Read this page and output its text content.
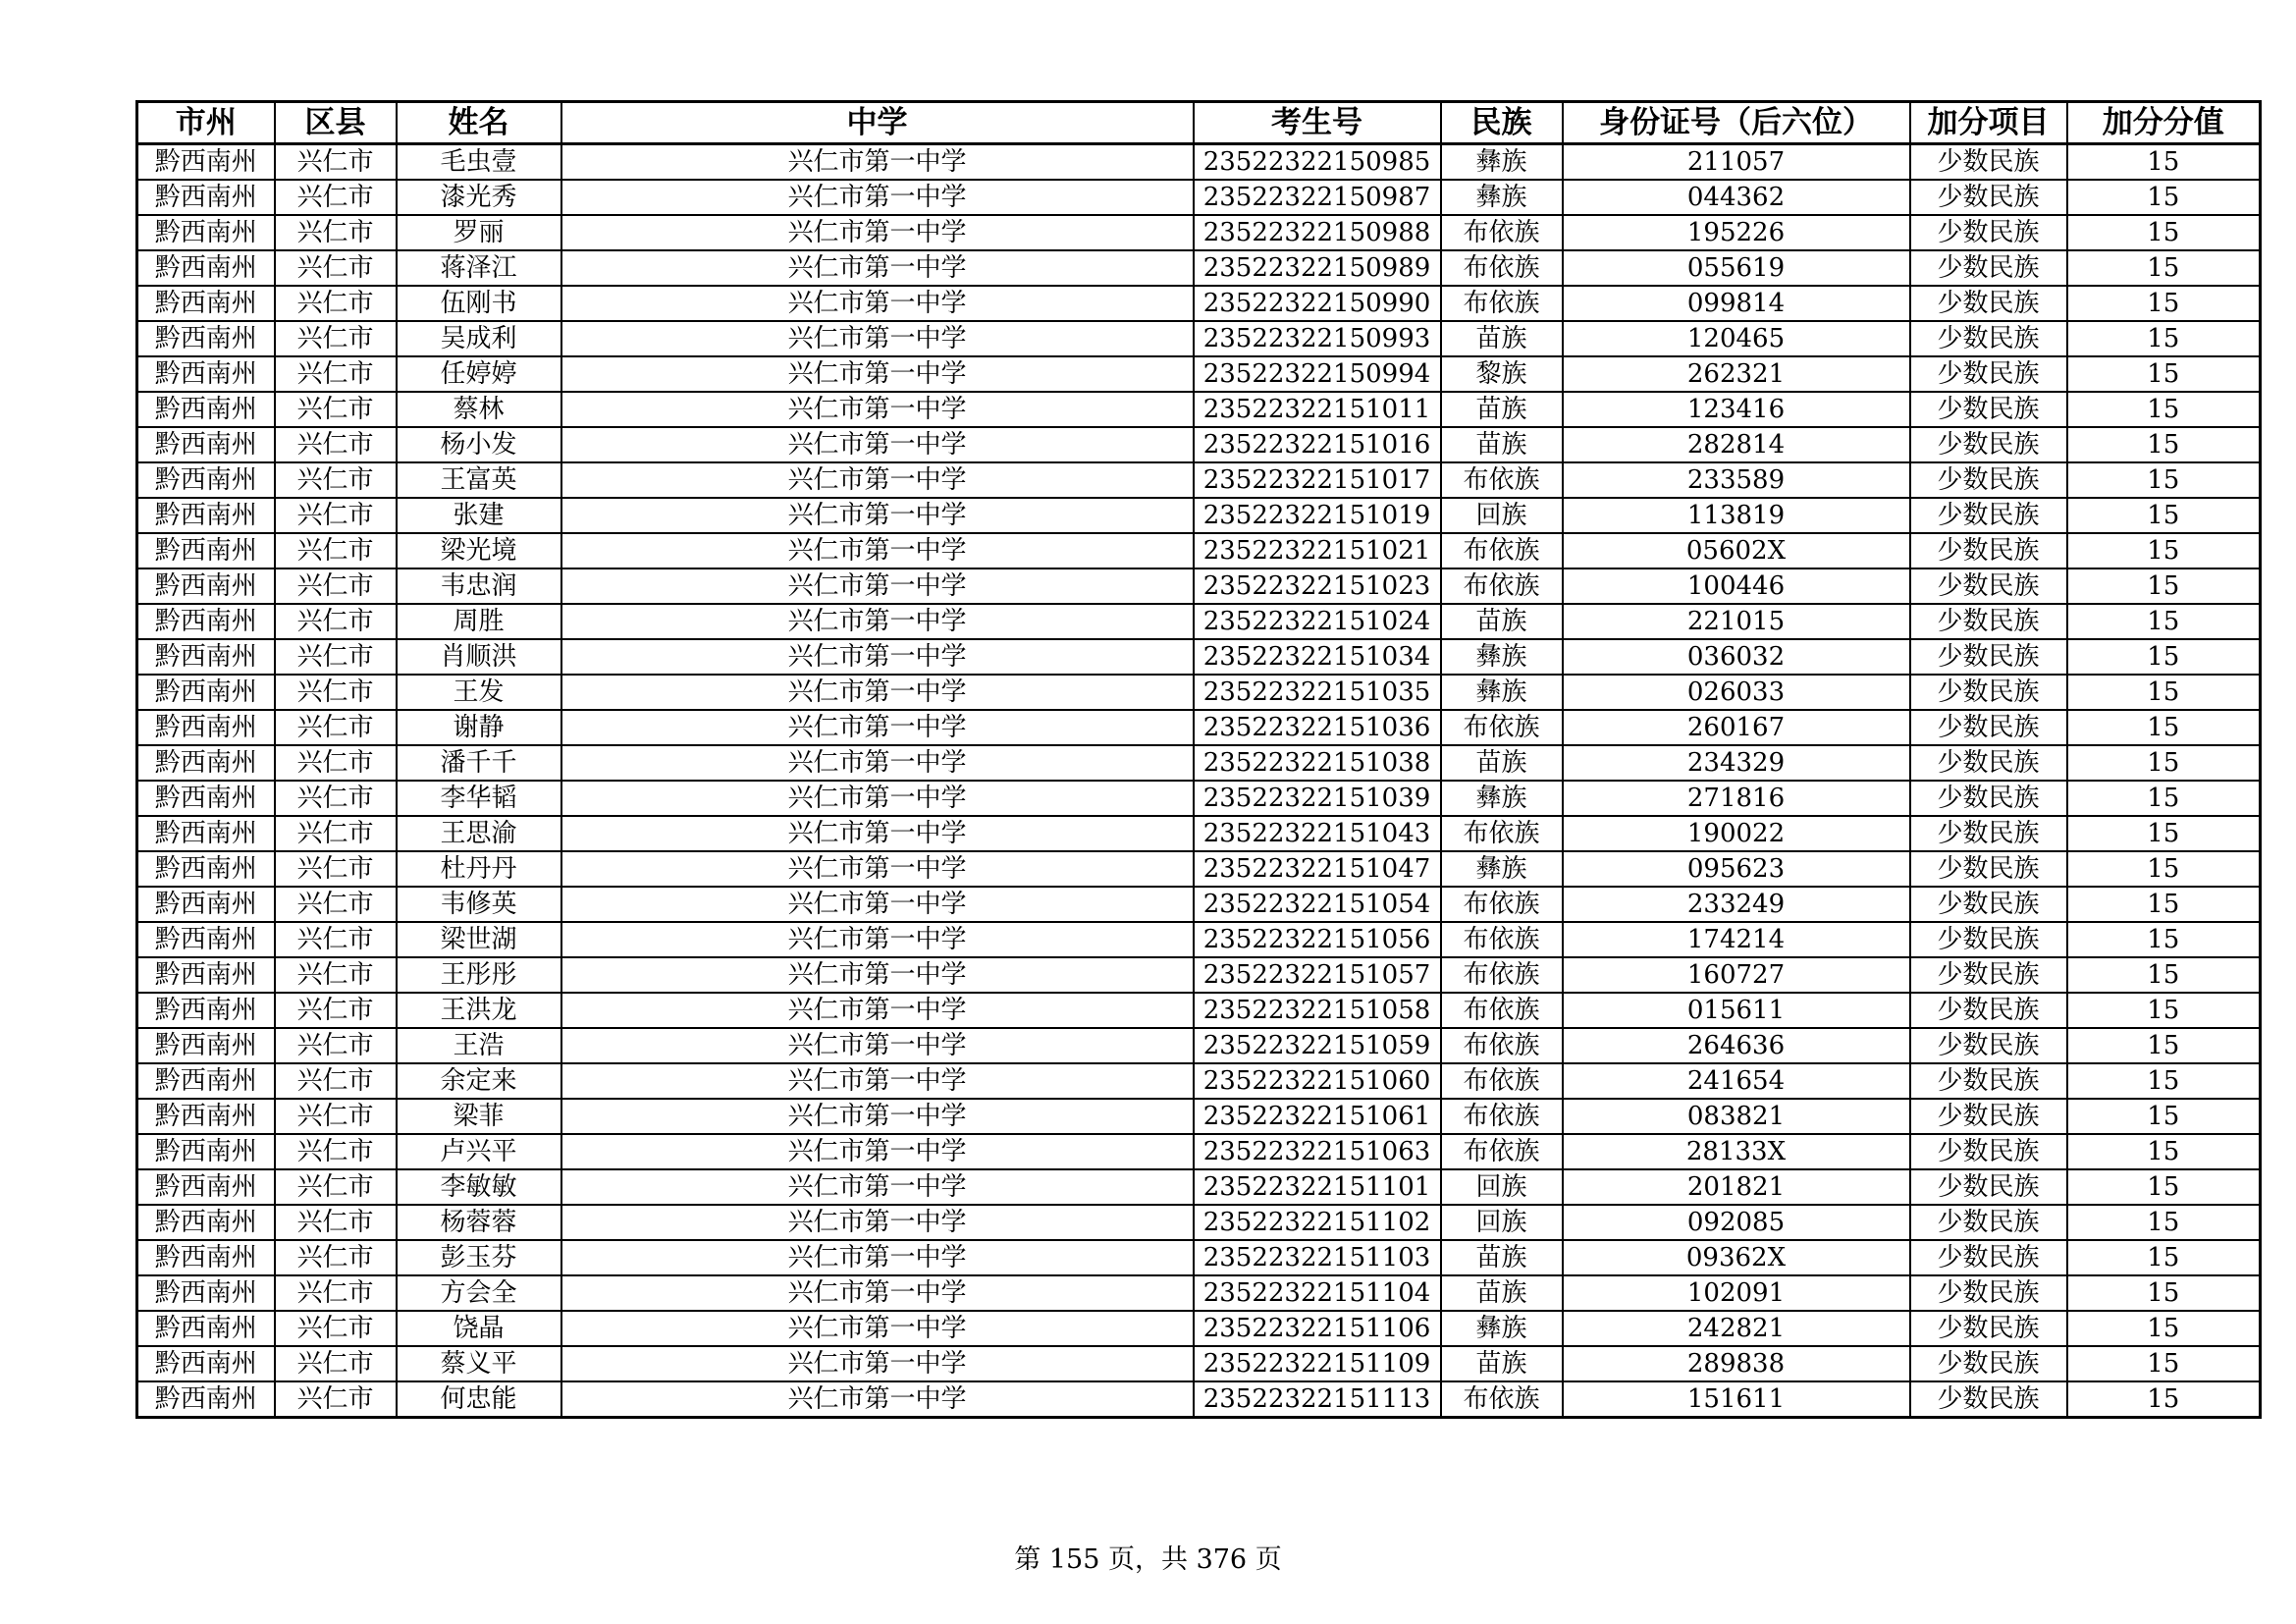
市州	区县	姓名	中学	考生号	民族	身份证号（后六位）	加分项目	加分分值
黔西南州	兴仁市	毛虫壹	兴仁市第一中学	23522322150985	彝族	211057	少数民族	15
黔西南州	兴仁市	漆光秀	兴仁市第一中学	23522322150987	彝族	044362	少数民族	15
黔西南州	兴仁市	罗丽	兴仁市第一中学	23522322150988	布依族	195226	少数民族	15
黔西南州	兴仁市	蒋泽江	兴仁市第一中学	23522322150989	布依族	055619	少数民族	15
黔西南州	兴仁市	伍刚书	兴仁市第一中学	23522322150990	布依族	099814	少数民族	15
黔西南州	兴仁市	吴成利	兴仁市第一中学	23522322150993	苗族	120465	少数民族	15
黔西南州	兴仁市	任婷婷	兴仁市第一中学	23522322150994	黎族	262321	少数民族	15
黔西南州	兴仁市	蔡林	兴仁市第一中学	23522322151011	苗族	123416	少数民族	15
黔西南州	兴仁市	杨小发	兴仁市第一中学	23522322151016	苗族	282814	少数民族	15
黔西南州	兴仁市	王富英	兴仁市第一中学	23522322151017	布依族	233589	少数民族	15
黔西南州	兴仁市	张建	兴仁市第一中学	23522322151019	回族	113819	少数民族	15
黔西南州	兴仁市	梁光境	兴仁市第一中学	23522322151021	布依族	05602X	少数民族	15
黔西南州	兴仁市	韦忠润	兴仁市第一中学	23522322151023	布依族	100446	少数民族	15
黔西南州	兴仁市	周胜	兴仁市第一中学	23522322151024	苗族	221015	少数民族	15
黔西南州	兴仁市	肖顺洪	兴仁市第一中学	23522322151034	彝族	036032	少数民族	15
黔西南州	兴仁市	王发	兴仁市第一中学	23522322151035	彝族	026033	少数民族	15
黔西南州	兴仁市	谢静	兴仁市第一中学	23522322151036	布依族	260167	少数民族	15
黔西南州	兴仁市	潘千千	兴仁市第一中学	23522322151038	苗族	234329	少数民族	15
黔西南州	兴仁市	李华韬	兴仁市第一中学	23522322151039	彝族	271816	少数民族	15
黔西南州	兴仁市	王思渝	兴仁市第一中学	23522322151043	布依族	190022	少数民族	15
黔西南州	兴仁市	杜丹丹	兴仁市第一中学	23522322151047	彝族	095623	少数民族	15
黔西南州	兴仁市	韦修英	兴仁市第一中学	23522322151054	布依族	233249	少数民族	15
黔西南州	兴仁市	梁世湖	兴仁市第一中学	23522322151056	布依族	174214	少数民族	15
黔西南州	兴仁市	王彤彤	兴仁市第一中学	23522322151057	布依族	160727	少数民族	15
黔西南州	兴仁市	王洪龙	兴仁市第一中学	23522322151058	布依族	015611	少数民族	15
黔西南州	兴仁市	王浩	兴仁市第一中学	23522322151059	布依族	264636	少数民族	15
黔西南州	兴仁市	余定来	兴仁市第一中学	23522322151060	布依族	241654	少数民族	15
黔西南州	兴仁市	梁菲	兴仁市第一中学	23522322151061	布依族	083821	少数民族	15
黔西南州	兴仁市	卢兴平	兴仁市第一中学	23522322151063	布依族	28133X	少数民族	15
黔西南州	兴仁市	李敏敏	兴仁市第一中学	23522322151101	回族	201821	少数民族	15
黔西南州	兴仁市	杨蓉蓉	兴仁市第一中学	23522322151102	回族	092085	少数民族	15
黔西南州	兴仁市	彭玉芬	兴仁市第一中学	23522322151103	苗族	09362X	少数民族	15
黔西南州	兴仁市	方会全	兴仁市第一中学	23522322151104	苗族	102091	少数民族	15
黔西南州	兴仁市	饶晶	兴仁市第一中学	23522322151106	彝族	242821	少数民族	15
黔西南州	兴仁市	蔡义平	兴仁市第一中学	23522322151109	苗族	289838	少数民族	15
黔西南州	兴仁市	何忠能	兴仁市第一中学	23522322151113	布依族	151611	少数民族	15
第 155 页，共 376 页
